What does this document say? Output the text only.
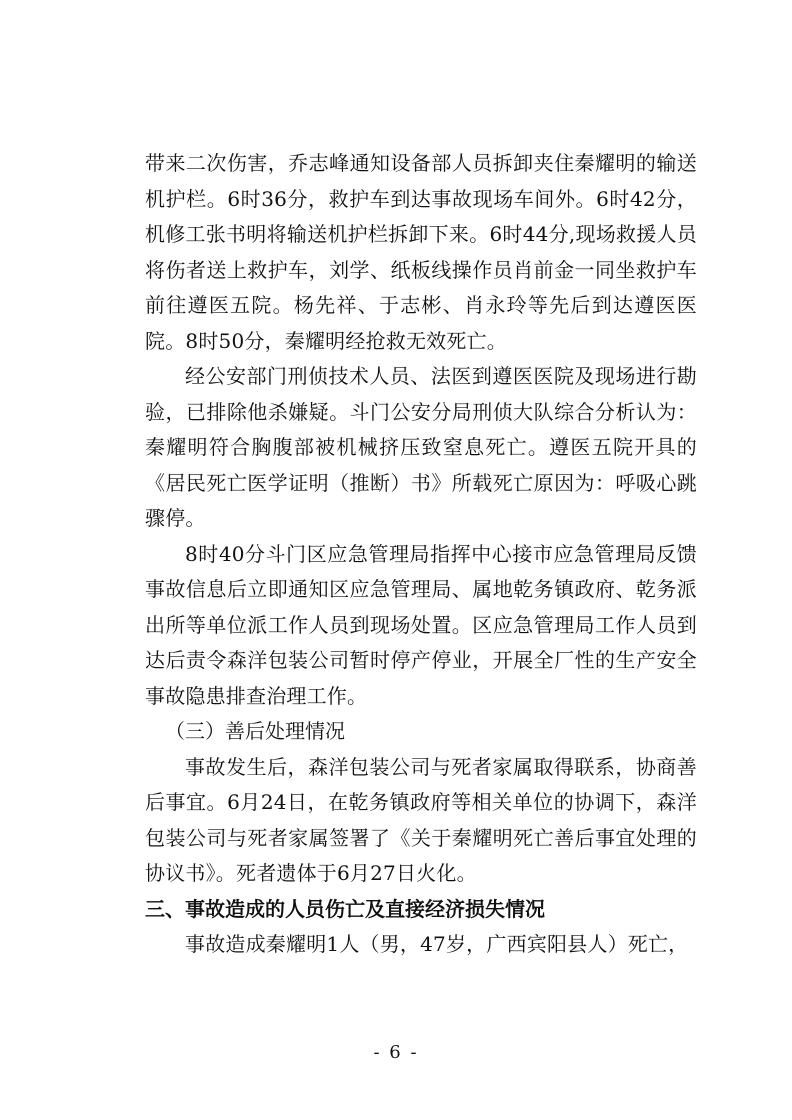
带来二次伤害，乔志峰通知设备部人员拆卸夹住秦耀明的输送机护栏。6时36分，救护车到达事故现场车间外。6时42分，机修工张书明将输送机护栏拆卸下来。6时44分,现场救援人员将伤者送上救护车，刘学、纸板线操作员肖前金一同坐救护车前往遵医五院。杨先祥、于志彬、肖永玲等先后到达遵医医院。8时50分，秦耀明经抢救无效死亡。

经公安部门刑侦技术人员、法医到遵医医院及现场进行勘验，已排除他杀嫌疑。斗门公安分局刑侦大队综合分析认为：秦耀明符合胸腹部被机械挤压致窒息死亡。遵医五院开具的《居民死亡医学证明（推断）书》所载死亡原因为：呼吸心跳骤停。

8时40分斗门区应急管理局指挥中心接市应急管理局反馈事故信息后立即通知区应急管理局、属地乾务镇政府、乾务派出所等单位派工作人员到现场处置。区应急管理局工作人员到达后责令森洋包装公司暂时停产停业，开展全厂性的生产安全事故隐患排查治理工作。

（三）善后处理情况

事故发生后，森洋包装公司与死者家属取得联系，协商善后事宜。6月24日，在乾务镇政府等相关单位的协调下，森洋包装公司与死者家属签署了《关于秦耀明死亡善后事宜处理的协议书》。死者遗体于6月27日火化。

三、事故造成的人员伤亡及直接经济损失情况

事故造成秦耀明1人（男，47岁，广西宾阳县人）死亡，

- 6 -
